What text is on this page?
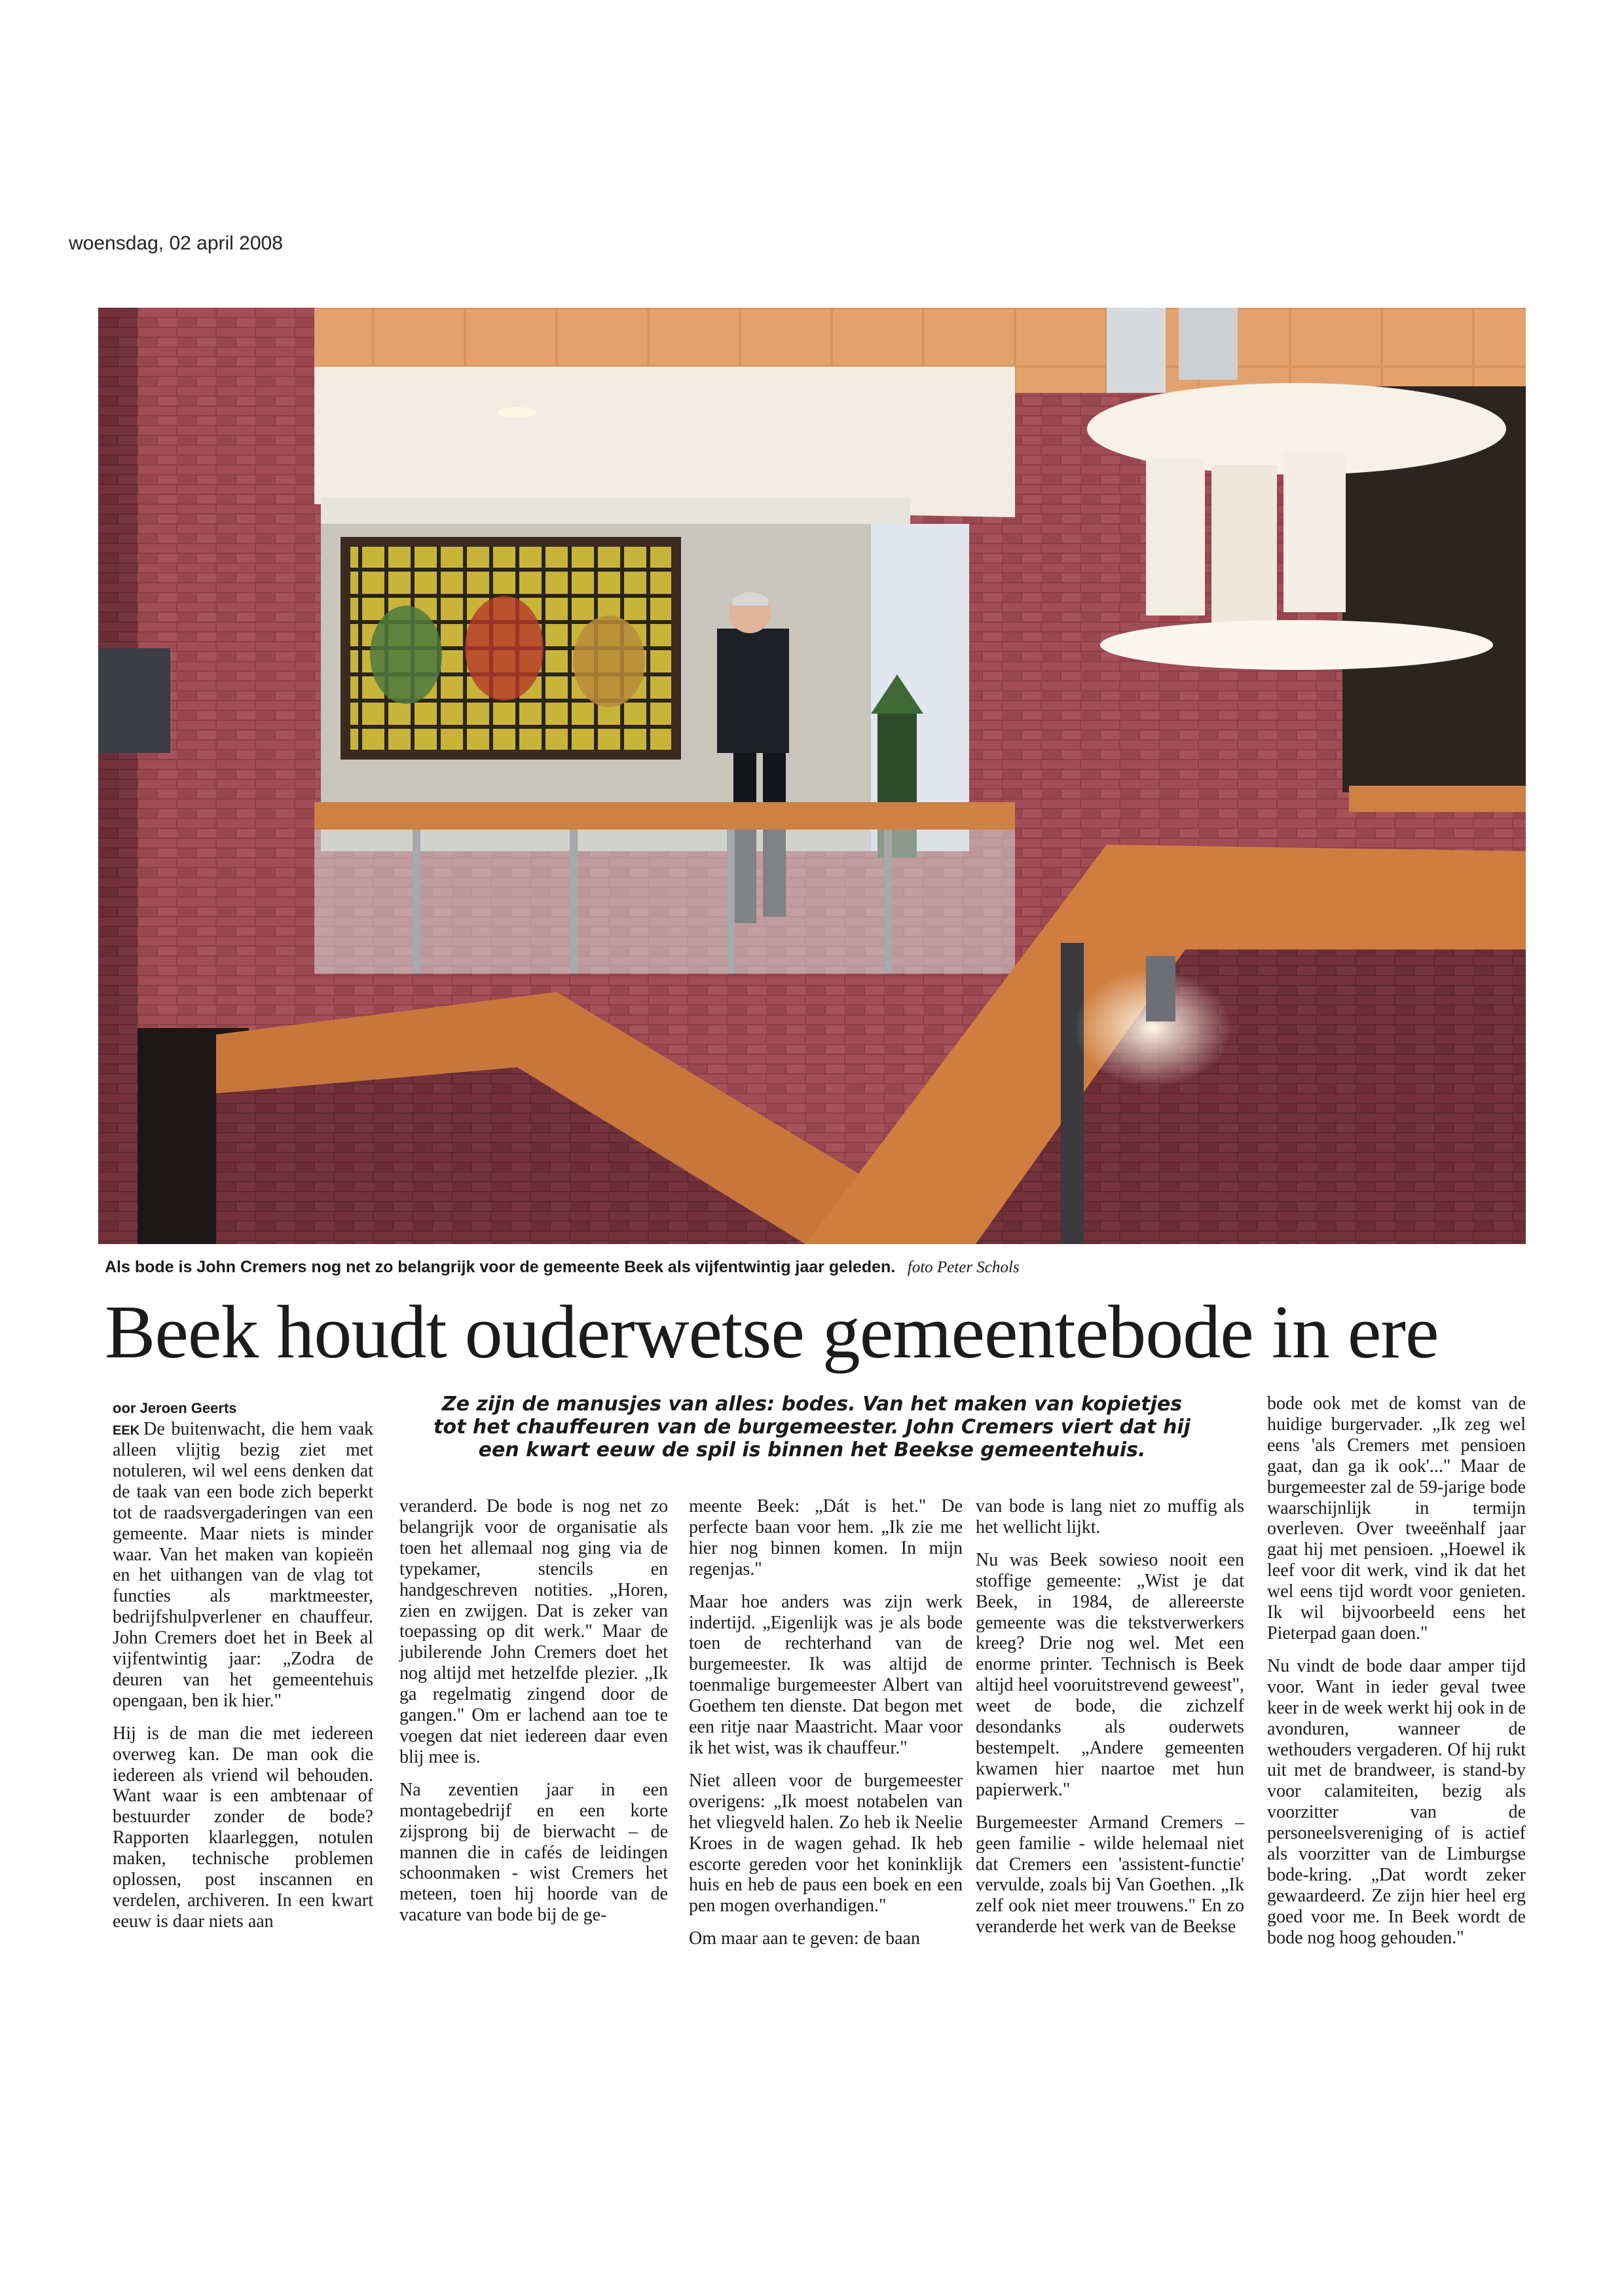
woensdag, 02 april 2008
Als bode is John Cremers nog net zo belangrijk voor de gemeente Beek als vijfentwintig jaar geleden. foto Peter Schols
Beek houdt ouderwetse gemeentebode in ere
Ze zijn de manusjes van alles: bodes. Van het maken van kopietjes tot het chauffeuren van de burgemeester. John Cremers viert dat hij een kwart eeuw de spil is binnen het Beekse gemeentehuis.
oor Jeroen Geerts

EEK De buitenwacht, die hem vaak alleen vlijtig bezig ziet met notuleren, wil wel eens denken dat de taak van een bode zich beperkt tot de raadsvergaderingen van een gemeente. Maar niets is minder waar. Van het maken van kopieën en het uithangen van de vlag tot functies als marktmeester, bedrijfshulpverlener en chauffeur. John Cremers doet het in Beek al vijfentwintig jaar: „Zodra de deuren van het gemeentehuis opengaan, ben ik hier."

Hij is de man die met iedereen overweg kan. De man ook die iedereen als vriend wil behouden. Want waar is een ambtenaar of bestuurder zonder de bode? Rapporten klaarleggen, notulen maken, technische problemen oplossen, post inscannen en verdelen, archiveren. In een kwart eeuw is daar niets aan

veranderd. De bode is nog net zo belangrijk voor de organisatie als toen het allemaal nog ging via de typekamer, stencils en handgeschreven notities. „Horen, zien en zwijgen. Dat is zeker van toepassing op dit werk." Maar de jubilerende John Cremers doet het nog altijd met hetzelfde plezier. „Ik ga regelmatig zingend door de gangen." Om er lachend aan toe te voegen dat niet iedereen daar even blij mee is.

Na zeventien jaar in een montagebedrijf en een korte zijsprong bij de bierwacht – de mannen die in cafés de leidingen schoonmaken - wist Cremers het meteen, toen hij hoorde van de vacature van bode bij de ge-

meente Beek: „Dát is het." De perfecte baan voor hem. „Ik zie me hier nog binnen komen. In mijn regenjas."

Maar hoe anders was zijn werk indertijd. „Eigenlijk was je als bode toen de rechterhand van de burgemeester. Ik was altijd de toenmalige burgemeester Albert van Goethem ten dienste. Dat begon met een ritje naar Maastricht. Maar voor ik het wist, was ik chauffeur."

Niet alleen voor de burgemeester overigens: „Ik moest notabelen van het vliegveld halen. Zo heb ik Neelie Kroes in de wagen gehad. Ik heb escorte gereden voor het koninklijk huis en heb de paus een boek en een pen mogen overhandigen."

Om maar aan te geven: de baan

van bode is lang niet zo muffig als het wellicht lijkt.

Nu was Beek sowieso nooit een stoffige gemeente: „Wist je dat Beek, in 1984, de allereerste gemeente was die tekstverwerkers kreeg? Drie nog wel. Met een enorme printer. Technisch is Beek altijd heel vooruitstrevend geweest", weet de bode, die zichzelf desondanks als ouderwets bestempelt. „Andere gemeenten kwamen hier naartoe met hun papierwerk."

Burgemeester Armand Cremers – geen familie - wilde helemaal niet dat Cremers een 'assistent-functie' vervulde, zoals bij Van Goethen. „Ik zelf ook niet meer trouwens." En zo veranderde het werk van de Beekse

bode ook met de komst van de huidige burgervader. „Ik zeg wel eens 'als Cremers met pensioen gaat, dan ga ik ook'..." Maar de burgemeester zal de 59-jarige bode waarschijnlijk in termijn overleven. Over tweeënhalf jaar gaat hij met pensioen. „Hoewel ik leef voor dit werk, vind ik dat het wel eens tijd wordt voor genieten. Ik wil bijvoorbeeld eens het Pieterpad gaan doen."

Nu vindt de bode daar amper tijd voor. Want in ieder geval twee keer in de week werkt hij ook in de avonduren, wanneer de wethouders vergaderen. Of hij rukt uit met de brandweer, is stand-by voor calamiteiten, bezig als voorzitter van de personeelsvereniging of is actief als voorzitter van de Limburgse bode-kring. „Dat wordt zeker gewaardeerd. Ze zijn hier heel erg goed voor me. In Beek wordt de bode nog hoog gehouden."
